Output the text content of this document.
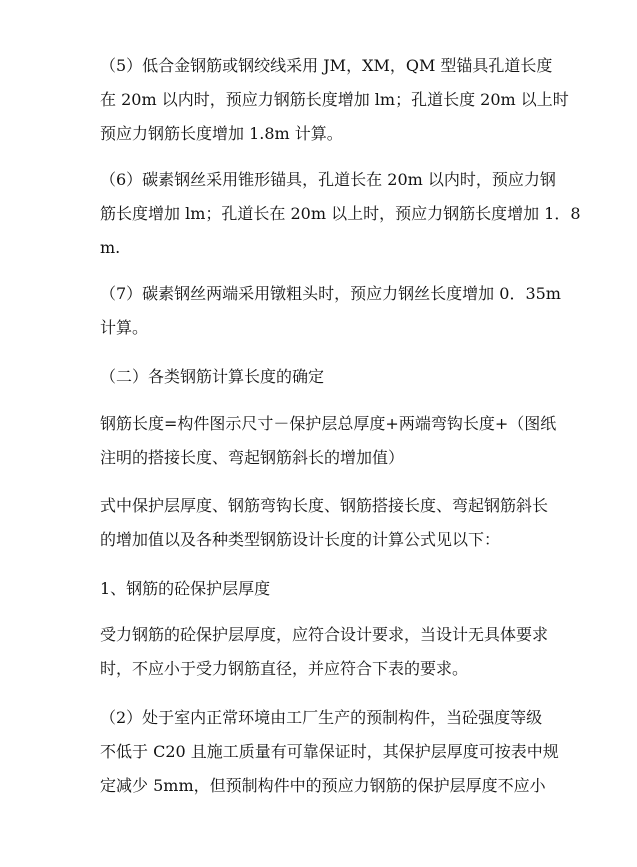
（5）低合金钢筋或钢绞线采用 JM，XM，QM 型锚具孔道长度
在 20m 以内时，预应力钢筋长度增加 lm；孔道长度 20m 以上时
预应力钢筋长度增加 1.8m 计算。

（6）碳素钢丝采用锥形锚具，孔道长在 20m 以内时，预应力钢
筋长度增加 lm；孔道长在 20m 以上时，预应力钢筋长度增加 1．8
m.

（7）碳素钢丝两端采用镦粗头时，预应力钢丝长度增加 0．35m
计算。

（二）各类钢筋计算长度的确定

钢筋长度=构件图示尺寸－保护层总厚度+两端弯钩长度+（图纸
注明的搭接长度、弯起钢筋斜长的增加值）

式中保护层厚度、钢筋弯钩长度、钢筋搭接长度、弯起钢筋斜长
的增加值以及各种类型钢筋设计长度的计算公式见以下：

1、钢筋的砼保护层厚度

受力钢筋的砼保护层厚度，应符合设计要求，当设计无具体要求
时，不应小于受力钢筋直径，并应符合下表的要求。

（2）处于室内正常环境由工厂生产的预制构件，当砼强度等级
不低于 C20 且施工质量有可靠保证时，其保护层厚度可按表中规
定减少 5mm，但预制构件中的预应力钢筋的保护层厚度不应小
